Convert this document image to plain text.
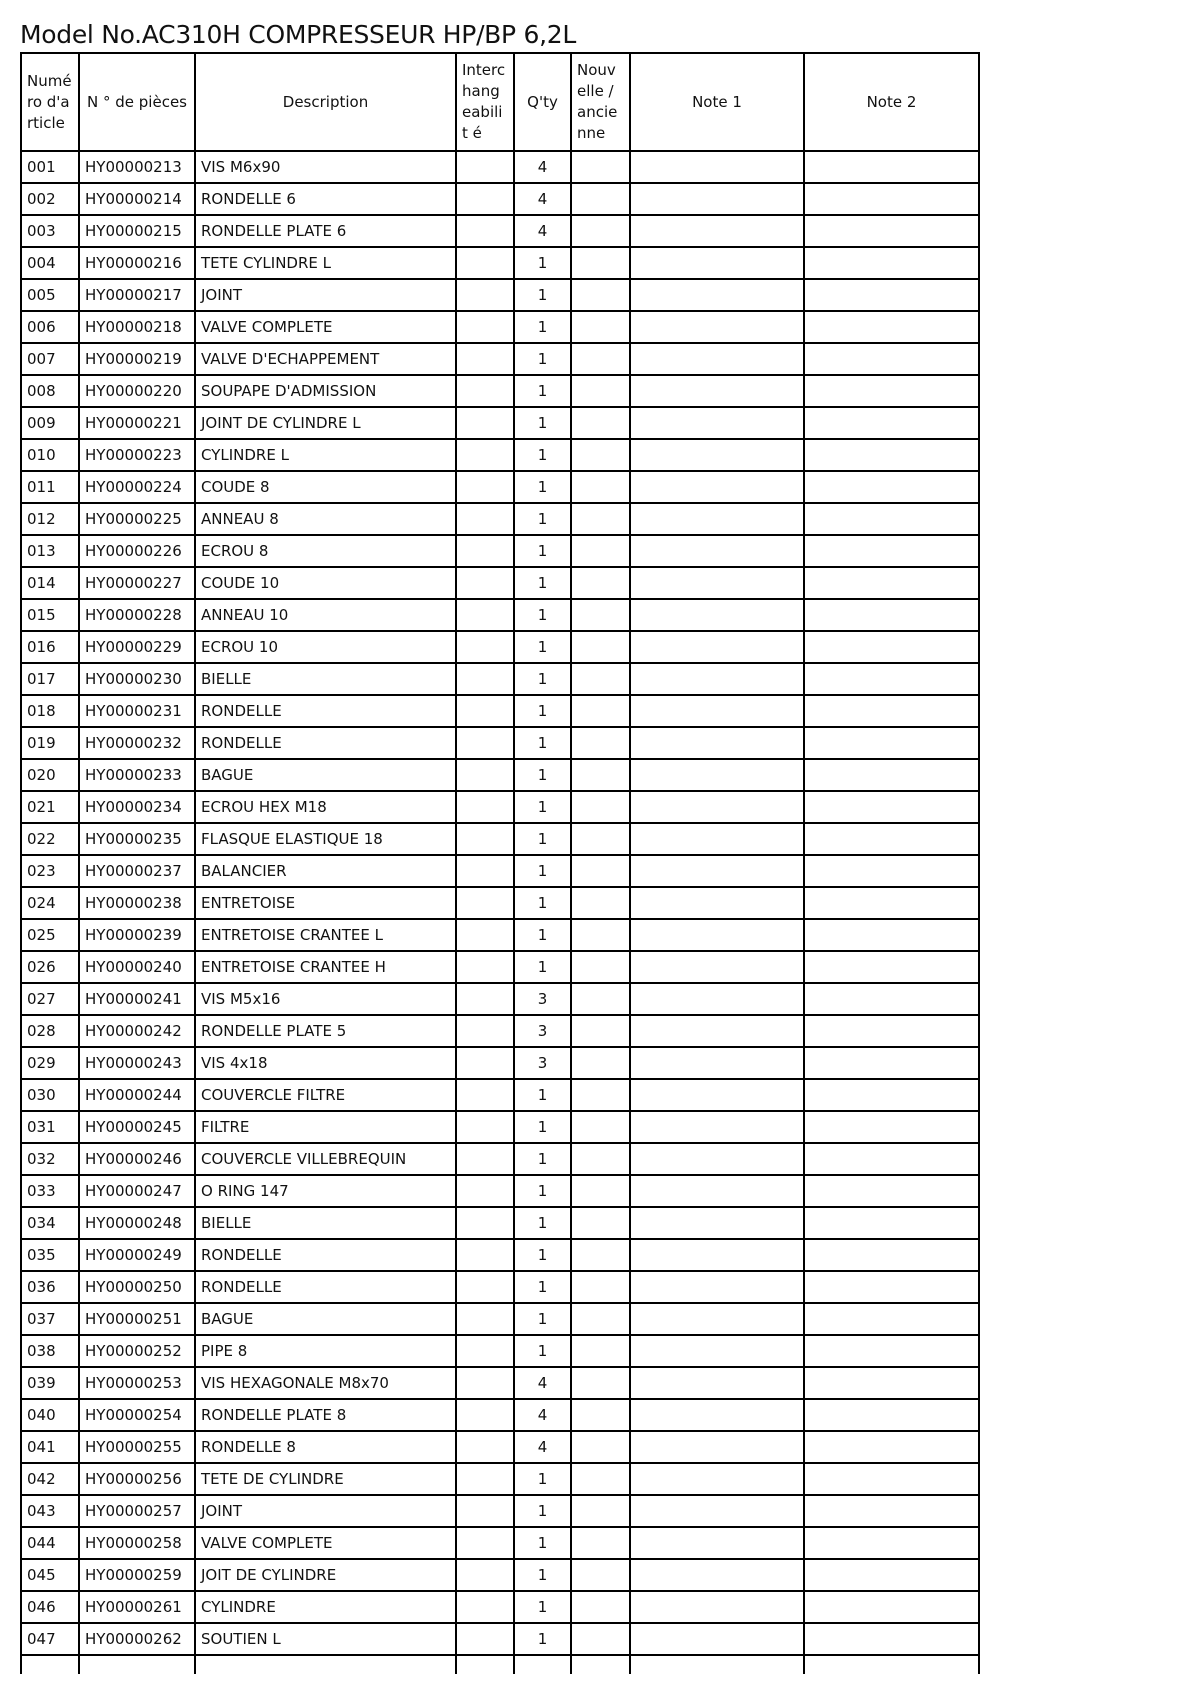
Model No.AC310H COMPRESSEUR HP/BP 6,2L
Numé ro d'a rticle	N ° de pièces	Description	Interc hang eabilit é	Q'ty	Nouv elle / ancie nne	Note 1	Note 2
001	HY00000213	VIS M6x90		4			
002	HY00000214	RONDELLE 6		4			
003	HY00000215	RONDELLE PLATE 6		4			
004	HY00000216	TETE CYLINDRE L		1			
005	HY00000217	JOINT		1			
006	HY00000218	VALVE COMPLETE		1			
007	HY00000219	VALVE D'ECHAPPEMENT		1			
008	HY00000220	SOUPAPE D'ADMISSION		1			
009	HY00000221	JOINT DE CYLINDRE L		1			
010	HY00000223	CYLINDRE L		1			
011	HY00000224	COUDE 8		1			
012	HY00000225	ANNEAU 8		1			
013	HY00000226	ECROU 8		1			
014	HY00000227	COUDE 10		1			
015	HY00000228	ANNEAU 10		1			
016	HY00000229	ECROU 10		1			
017	HY00000230	BIELLE		1			
018	HY00000231	RONDELLE		1			
019	HY00000232	RONDELLE		1			
020	HY00000233	BAGUE		1			
021	HY00000234	ECROU HEX M18		1			
022	HY00000235	FLASQUE ELASTIQUE 18		1			
023	HY00000237	BALANCIER		1			
024	HY00000238	ENTRETOISE		1			
025	HY00000239	ENTRETOISE CRANTEE L		1			
026	HY00000240	ENTRETOISE CRANTEE H		1			
027	HY00000241	VIS M5x16		3			
028	HY00000242	RONDELLE PLATE 5		3			
029	HY00000243	VIS 4x18		3			
030	HY00000244	COUVERCLE FILTRE		1			
031	HY00000245	FILTRE		1			
032	HY00000246	COUVERCLE VILLEBREQUIN		1			
033	HY00000247	O RING 147		1			
034	HY00000248	BIELLE		1			
035	HY00000249	RONDELLE		1			
036	HY00000250	RONDELLE		1			
037	HY00000251	BAGUE		1			
038	HY00000252	PIPE 8		1			
039	HY00000253	VIS HEXAGONALE M8x70		4			
040	HY00000254	RONDELLE PLATE 8		4			
041	HY00000255	RONDELLE 8		4			
042	HY00000256	TETE DE CYLINDRE		1			
043	HY00000257	JOINT		1			
044	HY00000258	VALVE COMPLETE		1			
045	HY00000259	JOIT DE CYLINDRE		1			
046	HY00000261	CYLINDRE		1			
047	HY00000262	SOUTIEN L		1			
